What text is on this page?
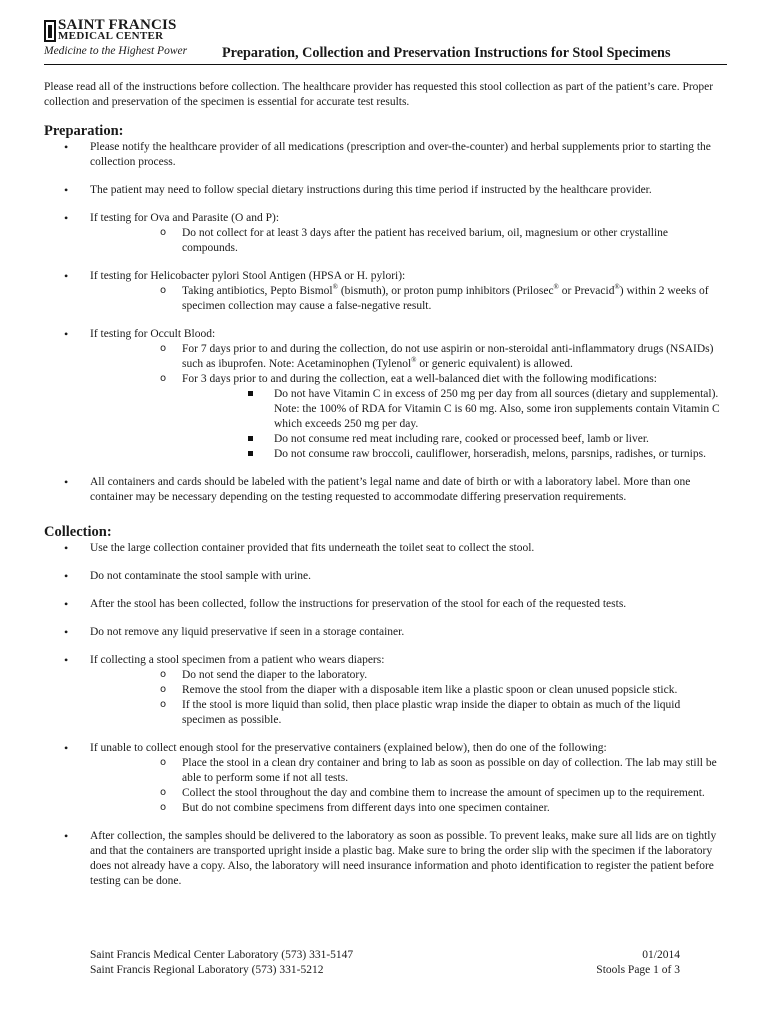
SAINT FRANCIS
MEDICAL CENTER
Medicine to the Highest Power	Preparation, Collection and Preservation Instructions for Stool Specimens

Please read all of the instructions before collection. The healthcare provider has requested this stool collection as part of the patient’s care. Proper collection and preservation of the specimen is essential for accurate test results.

Preparation:
• Please notify the healthcare provider of all medications (prescription and over-the-counter) and herbal supplements prior to starting the collection process.
• The patient may need to follow special dietary instructions during this time period if instructed by the healthcare provider.
• If testing for Ova and Parasite (O and P):
o Do not collect for at least 3 days after the patient has received barium, oil, magnesium or other crystalline compounds.
• If testing for Helicobacter pylori Stool Antigen (HPSA or H. pylori):
o Taking antibiotics, Pepto Bismol® (bismuth), or proton pump inhibitors (Prilosec® or Prevacid®) within 2 weeks of specimen collection may cause a false-negative result.
• If testing for Occult Blood:
o For 7 days prior to and during the collection, do not use aspirin or non-steroidal anti-inflammatory drugs (NSAIDs) such as ibuprofen. Note: Acetaminophen (Tylenol® or generic equivalent) is allowed.
o For 3 days prior to and during the collection, eat a well-balanced diet with the following modifications:
Do not have Vitamin C in excess of 250 mg per day from all sources (dietary and supplemental). Note: the 100% of RDA for Vitamin C is 60 mg. Also, some iron supplements contain Vitamin C which exceeds 250 mg per day.
Do not consume red meat including rare, cooked or processed beef, lamb or liver.
Do not consume raw broccoli, cauliflower, horseradish, melons, parsnips, radishes, or turnips.
• All containers and cards should be labeled with the patient’s legal name and date of birth or with a laboratory label. More than one container may be necessary depending on the testing requested to accommodate differing preservation requirements.
Collection:
• Use the large collection container provided that fits underneath the toilet seat to collect the stool.
• Do not contaminate the stool sample with urine.
• After the stool has been collected, follow the instructions for preservation of the stool for each of the requested tests.
• Do not remove any liquid preservative if seen in a storage container.
• If collecting a stool specimen from a patient who wears diapers:
o Do not send the diaper to the laboratory.
o Remove the stool from the diaper with a disposable item like a plastic spoon or clean unused popsicle stick.
o If the stool is more liquid than solid, then place plastic wrap inside the diaper to obtain as much of the liquid specimen as possible.
• If unable to collect enough stool for the preservative containers (explained below), then do one of the following:
o Place the stool in a clean dry container and bring to lab as soon as possible on day of collection. The lab may still be able to perform some if not all tests.
o Collect the stool throughout the day and combine them to increase the amount of specimen up to the requirement.
o But do not combine specimens from different days into one specimen container.
• After collection, the samples should be delivered to the laboratory as soon as possible. To prevent leaks, make sure all lids are on tightly and that the containers are transported upright inside a plastic bag. Make sure to bring the order slip with the specimen if the laboratory does not already have a copy. Also, the laboratory will need insurance information and photo identification to register the patient before testing can be done.
Saint Francis Medical Center Laboratory (573) 331-5147	01/2014
Saint Francis Regional Laboratory (573) 331-5212	Stools Page 1 of 3
